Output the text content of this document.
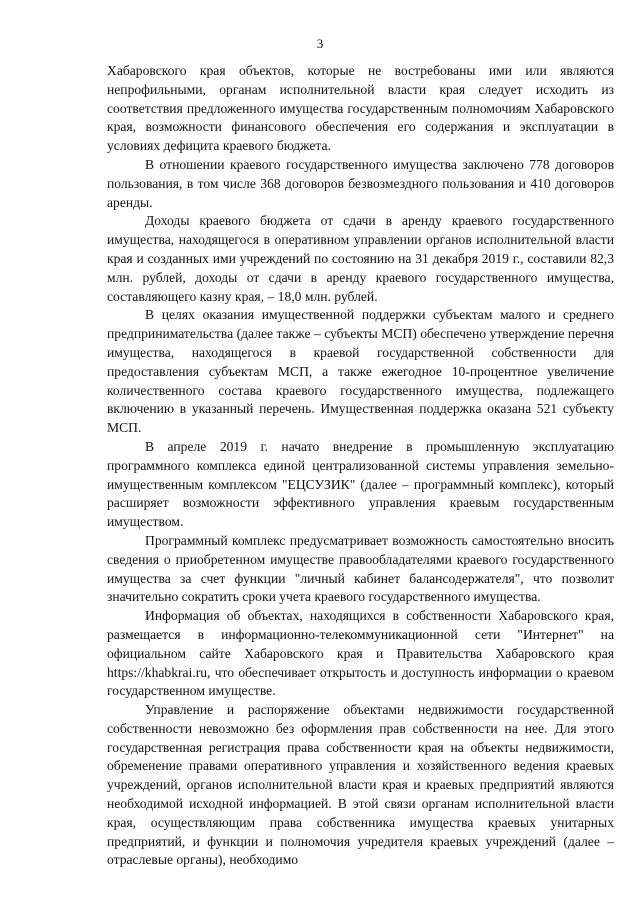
3

Хабаровского края объектов, которые не востребованы ими или являются непрофильными, органам исполнительной власти края следует исходить из соответствия предложенного имущества государственным полномочиям Хабаровского края, возможности финансового обеспечения его содержания и эксплуатации в условиях дефицита краевого бюджета.

В отношении краевого государственного имущества заключено 778 договоров пользования, в том числе 368 договоров безвозмездного пользования и 410 договоров аренды.

Доходы краевого бюджета от сдачи в аренду краевого государственного имущества, находящегося в оперативном управлении органов исполнительной власти края и созданных ими учреждений по состоянию на 31 декабря 2019 г., составили 82,3 млн. рублей, доходы от сдачи в аренду краевого государственного имущества, составляющего казну края, – 18,0 млн. рублей.

В целях оказания имущественной поддержки субъектам малого и среднего предпринимательства (далее также – субъекты МСП) обеспечено утверждение перечня имущества, находящегося в краевой государственной собственности для предоставления субъектам МСП, а также ежегодное 10-процентное увеличение количественного состава краевого государственного имущества, подлежащего включению в указанный перечень. Имущественная поддержка оказана 521 субъекту МСП.

В апреле 2019 г. начато внедрение в промышленную эксплуатацию программного комплекса единой централизованной системы управления земельно-имущественным комплексом "ЕЦСУЗИК" (далее – программный комплекс), который расширяет возможности эффективного управления краевым государственным имуществом.

Программный комплекс предусматривает возможность самостоятельно вносить сведения о приобретенном имуществе правообладателями краевого государственного имущества за счет функции "личный кабинет балансодержателя", что позволит значительно сократить сроки учета краевого государственного имущества.

Информация об объектах, находящихся в собственности Хабаровского края, размещается в информационно-телекоммуникационной сети "Интернет" на официальном сайте Хабаровского края и Правительства Хабаровского края https://khabkrai.ru, что обеспечивает открытость и доступность информации о краевом государственном имуществе.

Управление и распоряжение объектами недвижимости государственной собственности невозможно без оформления прав собственности на нее. Для этого государственная регистрация права собственности края на объекты недвижимости, обременение правами оперативного управления и хозяйственного ведения краевых учреждений, органов исполнительной власти края и краевых предприятий являются необходимой исходной информацией. В этой связи органам исполнительной власти края, осуществляющим права собственника имущества краевых унитарных предприятий, и функции и полномочия учредителя краевых учреждений (далее – отраслевые органы), необходимо
